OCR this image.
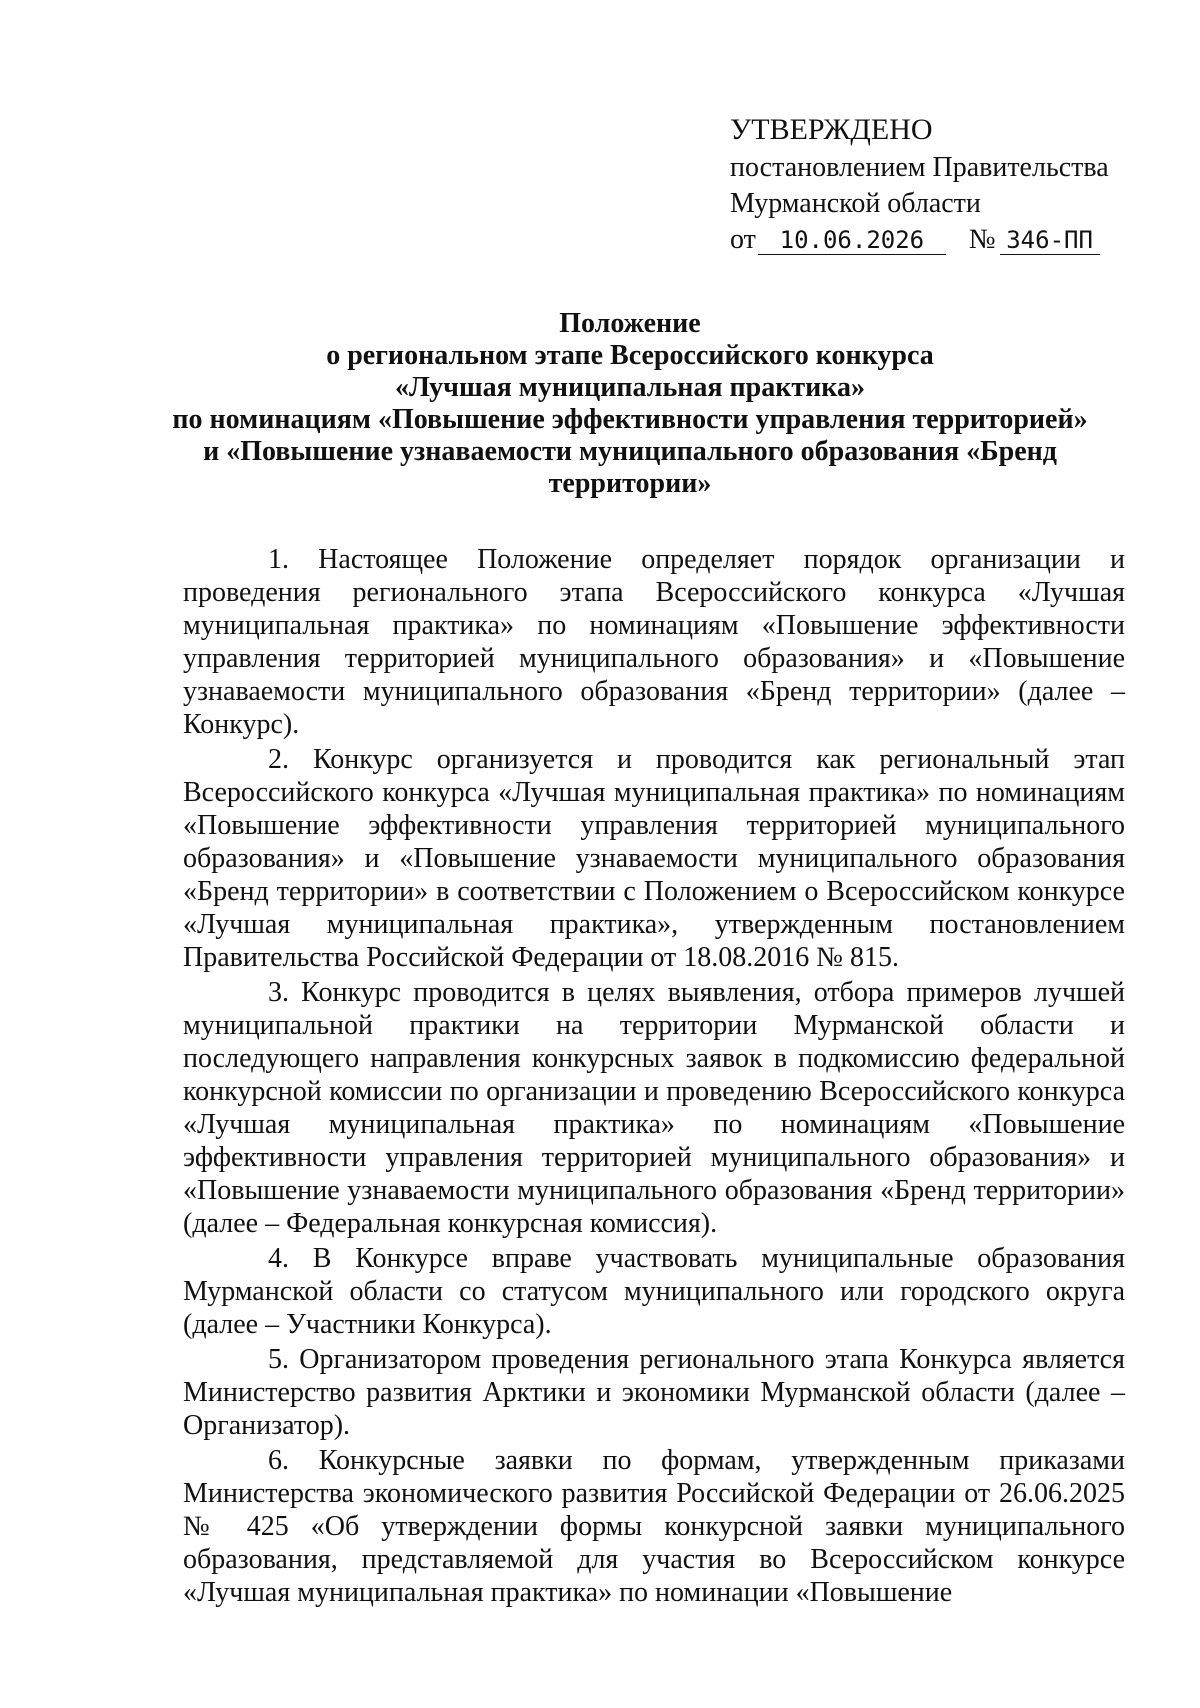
УТВЕРЖДЕНО
постановлением Правительства
Мурманской области
от 10.06.2026 № 346-ПП
Положение
о региональном этапе Всероссийского конкурса
«Лучшая муниципальная практика»
по номинациям «Повышение эффективности управления территорией»
и «Повышение узнаваемости муниципального образования «Бренд
территории»

1. Настоящее Положение определяет порядок организации и проведения регионального этапа Всероссийского конкурса «Лучшая муниципальная практика» по номинациям «Повышение эффективности управления территорией муниципального образования» и «Повышение узнаваемости муниципального образования «Бренд территории» (далее – Конкурс).

2. Конкурс организуется и проводится как региональный этап Всероссийского конкурса «Лучшая муниципальная практика» по номинациям «Повышение эффективности управления территорией муниципального образования» и «Повышение узнаваемости муниципального образования «Бренд территории» в соответствии с Положением о Всероссийском конкурсе «Лучшая муниципальная практика», утвержденным постановлением Правительства Российской Федерации от 18.08.2016 № 815.

3. Конкурс проводится в целях выявления, отбора примеров лучшей муниципальной практики на территории Мурманской области и последующего направления конкурсных заявок в подкомиссию федеральной конкурсной комиссии по организации и проведению Всероссийского конкурса «Лучшая муниципальная практика» по номинациям «Повышение эффективности управления территорией муниципального образования» и «Повышение узнаваемости муниципального образования «Бренд территории» (далее – Федеральная конкурсная комиссия).

4. В Конкурсе вправе участвовать муниципальные образования Мурманской области со статусом муниципального или городского округа (далее – Участники Конкурса).

5. Организатором проведения регионального этапа Конкурса является Министерство развития Арктики и экономики Мурманской области (далее – Организатор).

6. Конкурсные заявки по формам, утвержденным приказами Министерства экономического развития Российской Федерации от 26.06.2025 № 425 «Об утверждении формы конкурсной заявки муниципального образования, представляемой для участия во Всероссийском конкурсе «Лучшая муниципальная практика» по номинации «Повышение
